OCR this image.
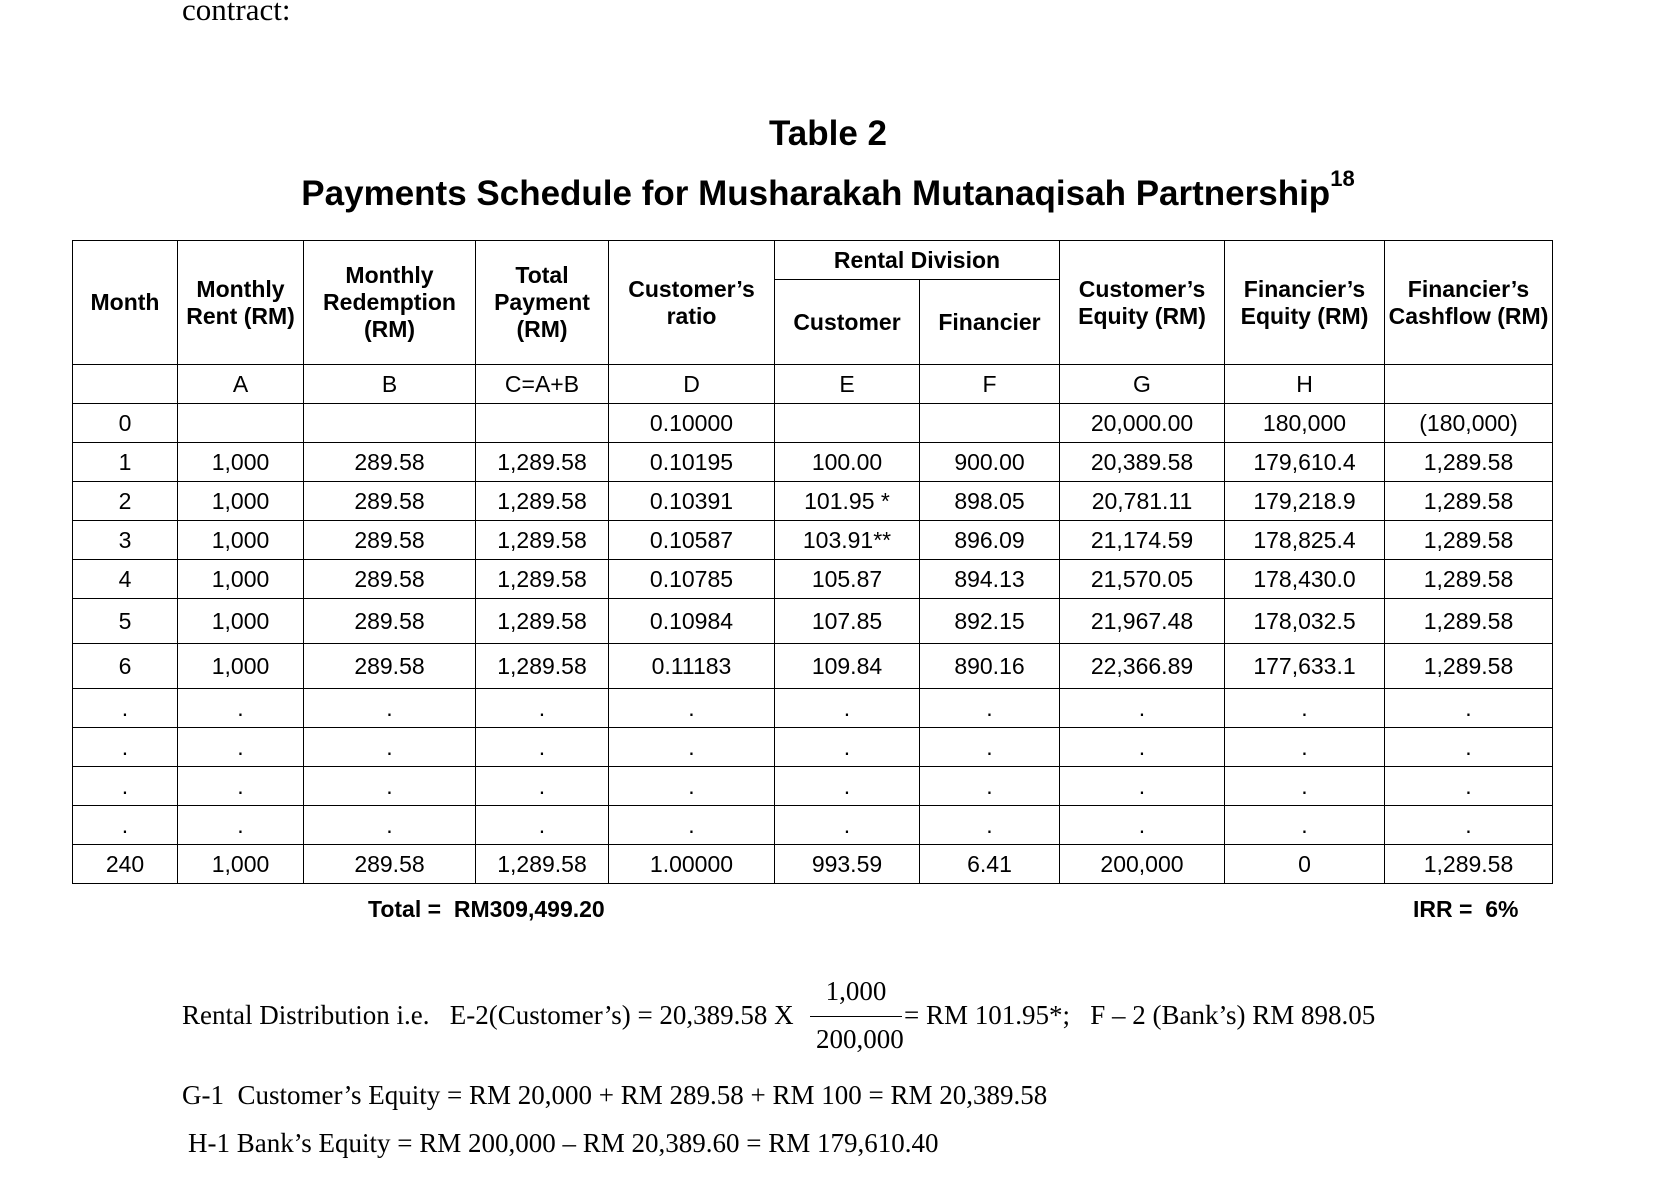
contract:
Table 2
Payments Schedule for Musharakah Mutanaqisah Partnership$^{18}$
Month	Monthly Rent (RM)	Monthly Redemption (RM)	Total Payment (RM)	Customer’s ratio	Rental Division		Customer’s Equity (RM)	Financier’s Equity (RM)	Financier’s Cashflow (RM)
					Customer	Financier			
	A	B	C=A+B	D	E	F	G	H	
0				0.10000			20,000.00	180,000	(180,000)
1	1,000	289.58	1,289.58	0.10195	100.00	900.00	20,389.58	179,610.4	1,289.58
2	1,000	289.58	1,289.58	0.10391	101.95 *	898.05	20,781.11	179,218.9	1,289.58
3	1,000	289.58	1,289.58	0.10587	103.91**	896.09	21,174.59	178,825.4	1,289.58
4	1,000	289.58	1,289.58	0.10785	105.87	894.13	21,570.05	178,430.0	1,289.58
5	1,000	289.58	1,289.58	0.10984	107.85	892.15	21,967.48	178,032.5	1,289.58
6	1,000	289.58	1,289.58	0.11183	109.84	890.16	22,366.89	177,633.1	1,289.58
.	.	.	.	.	.	.	.	.	.
.	.	.	.	.	.	.	.	.	.
.	.	.	.	.	.	.	.	.	.
.	.	.	.	.	.	.	.	.	.
240	1,000	289.58	1,289.58	1.00000	993.59	6.41	200,000	0	1,289.58
Total =  RM309,499.20	IRR =  6%
Rental Distribution i.e.   E-2(Customer’s) = 20,389.58 X
1,000
200,000
= RM 101.95*;   F – 2 (Bank’s) RM 898.05
G-1  Customer’s Equity = RM 20,000 + RM 289.58 + RM 100 = RM 20,389.58
H-1 Bank’s Equity = RM 200,000 – RM 20,389.60 = RM 179,610.40
